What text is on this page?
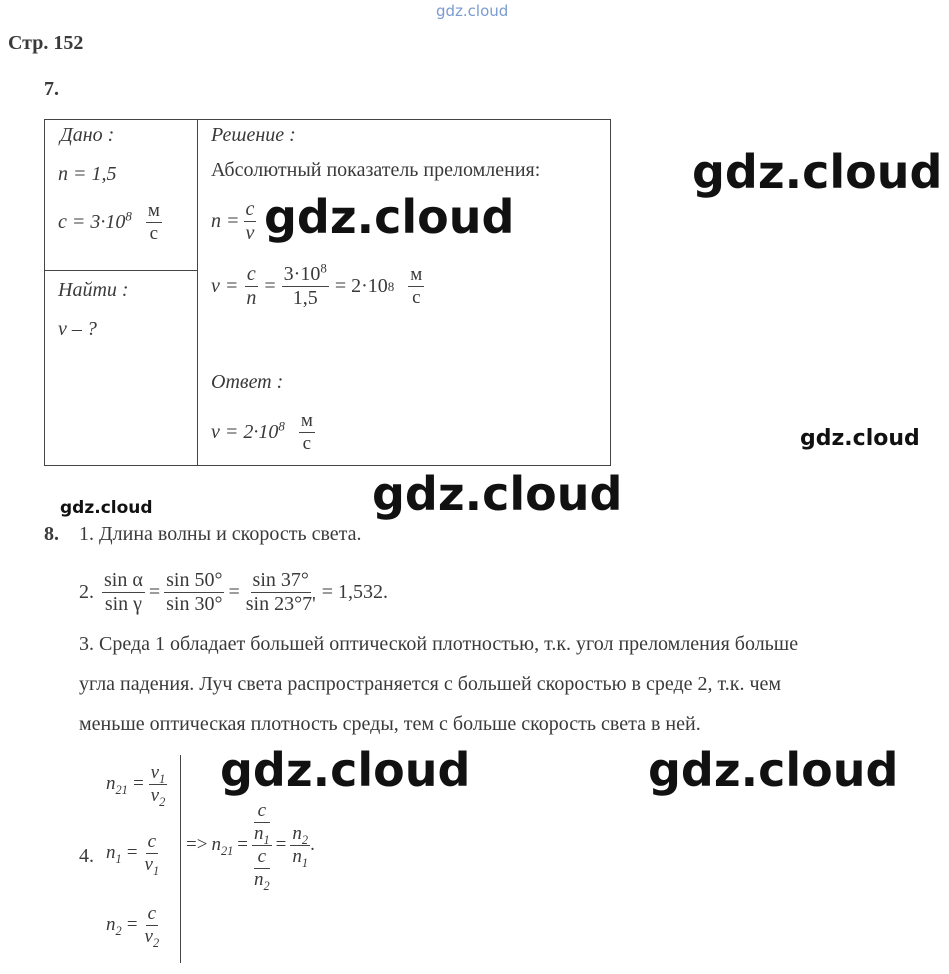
gdz.cloud
Стр. 152
7.
Дано :
n = 1,5
$c = 3\cdot 10^8 \frac{м}{с}$
Найти :
v – ?
Решение :
Абсолютный показатель преломления:
$n = \frac{c}{v}$
$v = \frac{c}{n} = \frac{3\cdot 10^8}{1,5} = 2\cdot 10$ $8 \frac{м}{с}$
Ответ :
$v = 2\cdot 10^8 \frac{м}{с}$
8. 1. Длина волны и скорость света.
2. $\frac{\text{sin α}}{\text{sin γ}} = \frac{\sin 50^\circ}{\sin 30^\circ} = \frac{\sin 37^\circ}{\sin 23^\circ 7'} = 1,532$.
3. Среда 1 обладает большей оптической плотностью, т.к. угол преломления больше
угла падения. Луч света распространяется с большей скоростью в среде 2, т.к. чем
меньше оптическая плотность среды, тем с больше скорость света в ней.
4.
$n_{21} = \frac{v_1}{v_2}$
$n_1 = \frac{c}{v_1}$
$n_2 = \frac{c}{v_2}$
=> $n_{21} = c$
$n_1$
c
$n_2 = \frac{n_2}{n_1}$ .
gdz.cloud
gdz.cloud
gdz.cloud
gdz.cloud
gdz.cloud
gdz.cloud	gdz.cloud
